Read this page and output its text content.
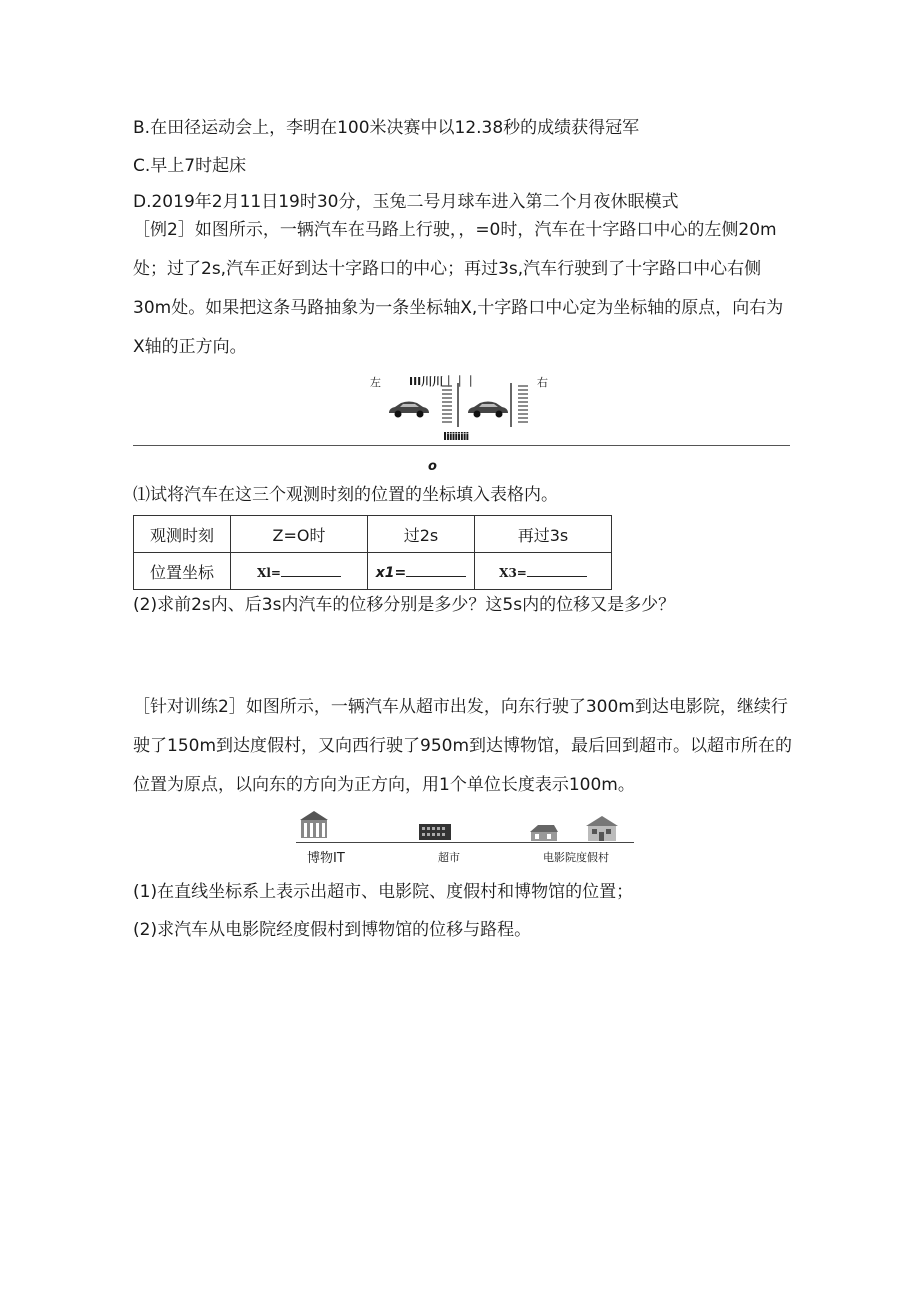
B.在田径运动会上，李明在100米决赛中以12.38秒的成绩获得冠军
C.早上7时起床
D.2019年2月11日19时30分，玉兔二号月球车进入第二个月夜休眠模式
［例2］如图所示，一辆汽车在马路上行驶，，=0时，汽车在十字路口中心的左侧20m处；过了2s,汽车正好到达十字路口的中心；再过3s,汽车行驶到了十字路口中心右侧30m处。如果把这条马路抽象为一条坐标轴X,十字路口中心定为坐标轴的原点，向右为X轴的正方向。
左	III川川｜｜｜	右
Iiiiiiiii
o
⑴试将汽车在这三个观测时刻的位置的坐标填入表格内。
观测时刻	Z=O时	过2s	再过3s
位置坐标	Xl=	x1=	X3=
(2)求前2s内、后3s内汽车的位移分别是多少？这5s内的位移又是多少？
［针对训练2］如图所示，一辆汽车从超市出发，向东行驶了300m到达电影院，继续行驶了150m到达度假村，又向西行驶了950m到达博物馆，最后回到超市。以超市所在的位置为原点，以向东的方向为正方向，用1个单位长度表示100m。
博物IT	超市	电影院度假村
(1)在直线坐标系上表示出超市、电影院、度假村和博物馆的位置；
(2)求汽车从电影院经度假村到博物馆的位移与路程。
